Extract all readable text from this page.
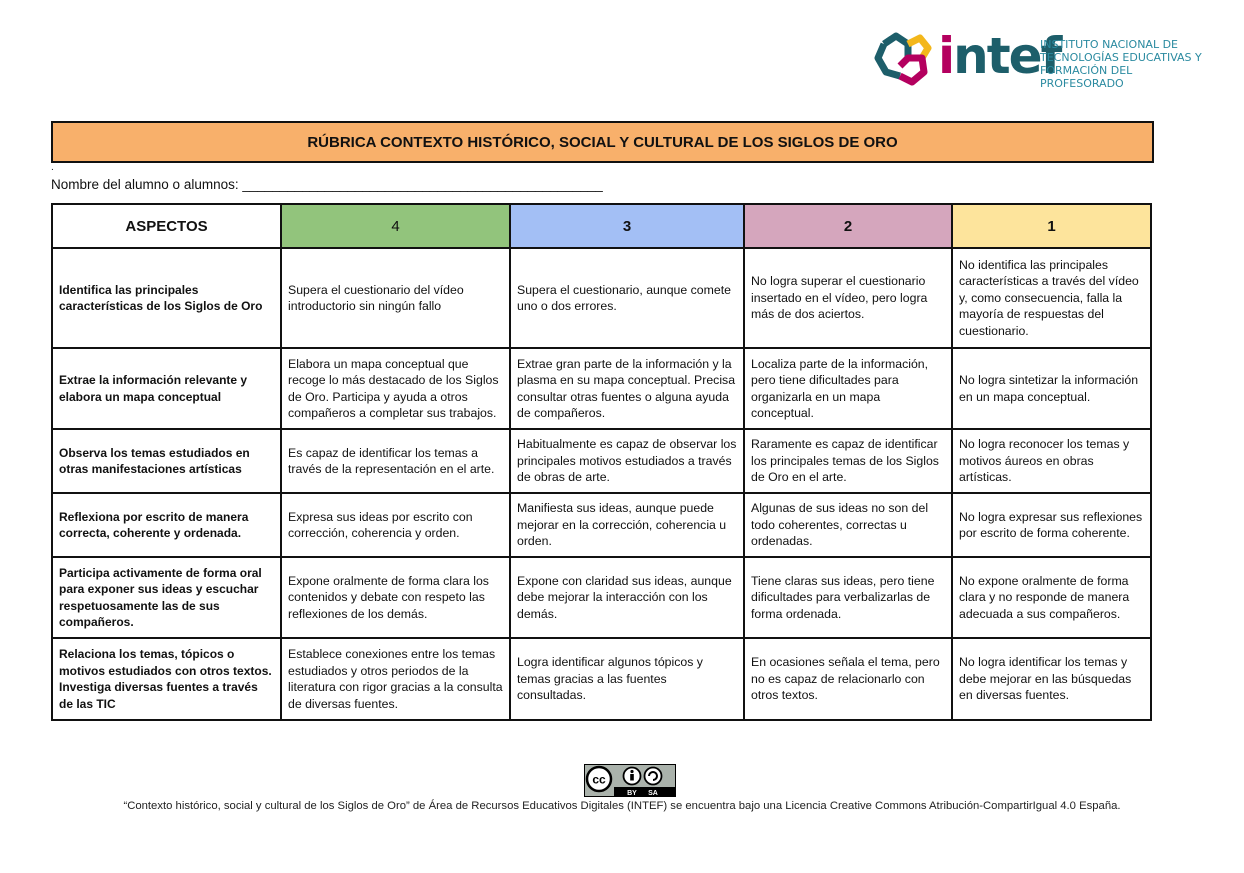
intef
INSTITUTO NACIONAL DE
TECNOLOGÍAS EDUCATIVAS Y
FORMACIÓN DEL PROFESORADO
RÚBRICA CONTEXTO HISTÓRICO, SOCIAL Y CULTURAL DE LOS SIGLOS DE ORO
.
Nombre del alumno o alumnos: ________________________________________________
ASPECTOS	4	3	2	1
Identifica las principales características de los Siglos de Oro	Supera el cuestionario del vídeo introductorio sin ningún fallo	Supera el cuestionario, aunque comete uno o dos errores.	No logra superar el cuestionario insertado en el vídeo, pero logra más de dos aciertos.	No identifica las principales características a través del vídeo y, como consecuencia, falla la mayoría de respuestas del cuestionario.
Extrae la información relevante y elabora un mapa conceptual	Elabora un mapa conceptual que recoge lo más destacado de los Siglos de Oro. Participa y ayuda a otros compañeros a completar sus trabajos.	Extrae gran parte de la información y la plasma en su mapa conceptual. Precisa consultar otras fuentes o alguna ayuda de compañeros.	Localiza parte de la información, pero tiene dificultades para organizarla en un mapa conceptual.	No logra sintetizar la información en un mapa conceptual.
Observa los temas estudiados en otras manifestaciones artísticas	Es capaz de identificar los temas a través de la representación en el arte.	Habitualmente es capaz de observar los principales motivos estudiados a través de obras de arte.	Raramente es capaz de identificar los principales temas de los Siglos de Oro en el arte.	No logra reconocer los temas y motivos áureos en obras artísticas.
Reflexiona por escrito de manera correcta, coherente y ordenada.	Expresa sus ideas por escrito con corrección, coherencia y orden.	Manifiesta sus ideas, aunque puede mejorar en la corrección, coherencia u orden.	Algunas de sus ideas no son del todo coherentes, correctas u ordenadas.	No logra expresar sus reflexiones por escrito de forma coherente.
Participa activamente de forma oral para exponer sus ideas y escuchar respetuosamente las de sus compañeros.	Expone oralmente de forma clara los contenidos y debate con respeto las reflexiones de los demás.	Expone con claridad sus ideas, aunque debe mejorar la interacción con los demás.	Tiene claras sus ideas, pero tiene dificultades para verbalizarlas de forma ordenada.	No expone oralmente de forma clara y no responde de manera adecuada a sus compañeros.
Relaciona los temas, tópicos o motivos estudiados con otros textos. Investiga diversas fuentes a través de las TIC	Establece conexiones entre los temas estudiados y otros periodos de la literatura con rigor gracias a la consulta de diversas fuentes.	Logra identificar algunos tópicos y temas gracias a las fuentes consultadas.	En ocasiones señala el tema, pero no es capaz de relacionarlo con otros textos.	No logra identificar los temas y debe mejorar en las búsquedas en diversas fuentes.
cc
BY SA
“Contexto histórico, social y cultural de los Siglos de Oro” de Área de Recursos Educativos Digitales (INTEF) se encuentra bajo una Licencia Creative Commons Atribución-CompartirIgual 4.0 España.
